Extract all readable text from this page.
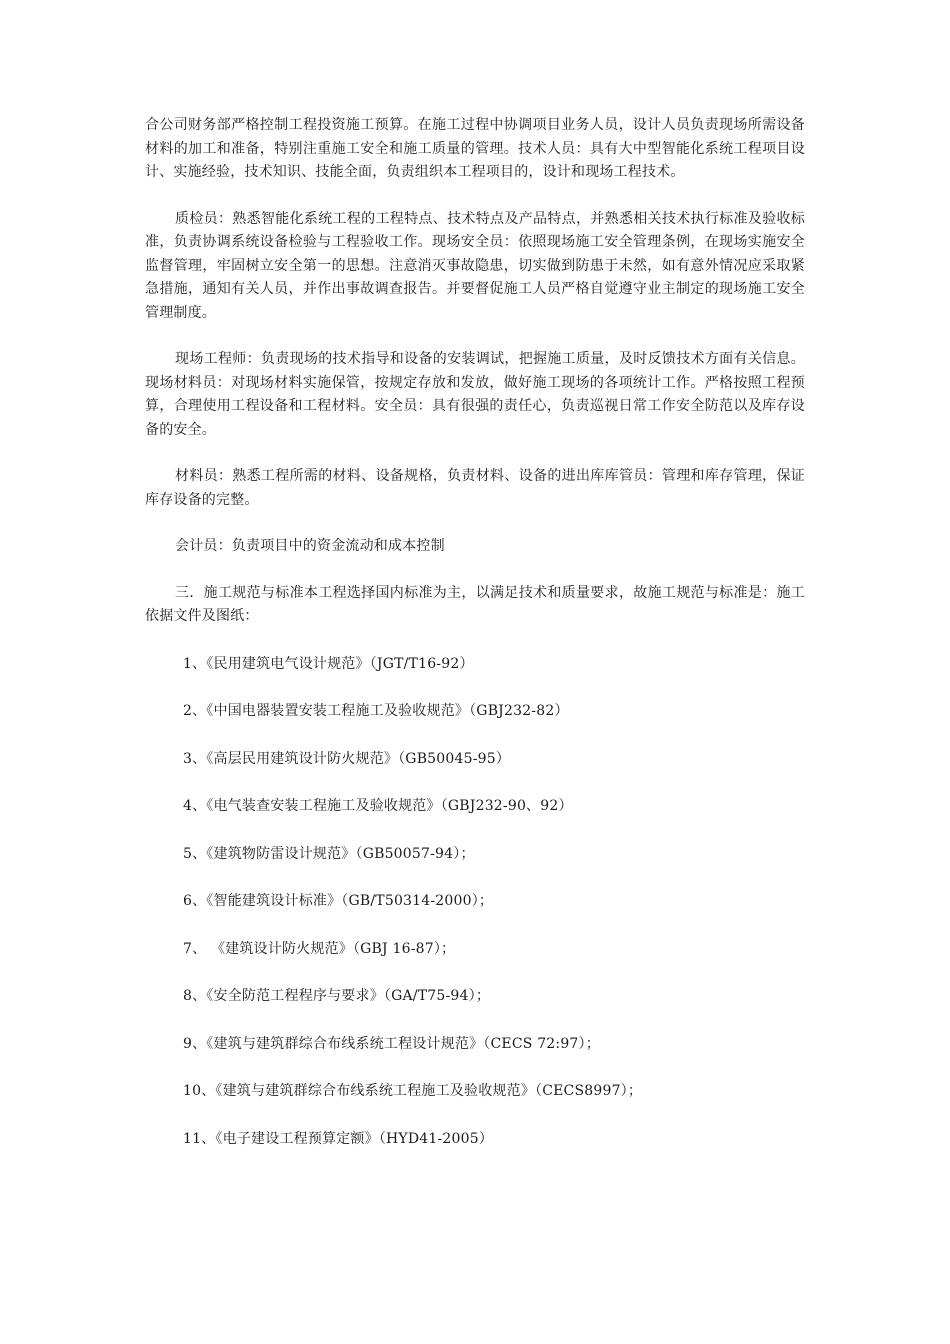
合公司财务部严格控制工程投资施工预算。在施工过程中协调项目业务人员，设计人员负责现场所需设备材料的加工和准备，特别注重施工安全和施工质量的管理。技术人员：具有大中型智能化系统工程项目设计、实施经验，技术知识、技能全面，负责组织本工程项目的，设计和现场工程技术。

质检员：熟悉智能化系统工程的工程特点、技术特点及产品特点，并熟悉相关技术执行标准及验收标准，负责协调系统设备检验与工程验收工作。现场安全员：依照现场施工安全管理条例，在现场实施安全监督管理，牢固树立安全第一的思想。注意消灭事故隐患，切实做到防患于未然，如有意外情况应采取紧急措施，通知有关人员，并作出事故调查报告。并要督促施工人员严格自觉遵守业主制定的现场施工安全管理制度。

现场工程师：负责现场的技术指导和设备的安装调试，把握施工质量，及时反馈技术方面有关信息。现场材料员：对现场材料实施保管，按规定存放和发放，做好施工现场的各项统计工作。严格按照工程预算，合理使用工程设备和工程材料。安全员：具有很强的责任心，负责巡视日常工作安全防范以及库存设备的安全。

材料员：熟悉工程所需的材料、设备规格，负责材料、设备的进出库库管员：管理和库存管理，保证库存设备的完整。

会计员：负责项目中的资金流动和成本控制

三．施工规范与标准本工程选择国内标准为主，以满足技术和质量要求，故施工规范与标准是：施工依据文件及图纸：

1、《民用建筑电气设计规范》（JGT/T16-92）

2、《中国电器装置安装工程施工及验收规范》（GBJ232-82）

3、《高层民用建筑设计防火规范》（GB50045-95）

4、《电气装查安装工程施工及验收规范》（GBJ232-90、92）

5、《建筑物防雷设计规范》（GB50057-94）；

6、《智能建筑设计标准》（GB/T50314-2000）；

7、 《建筑设计防火规范》（GBJ 16-87）；

8、《安全防范工程程序与要求》（GA/T75-94）；

9、《建筑与建筑群综合布线系统工程设计规范》（CECS 72:97）；

10、《建筑与建筑群综合布线系统工程施工及验收规范》（CECS8997）；

11、《电子建设工程预算定额》（HYD41-2005）
